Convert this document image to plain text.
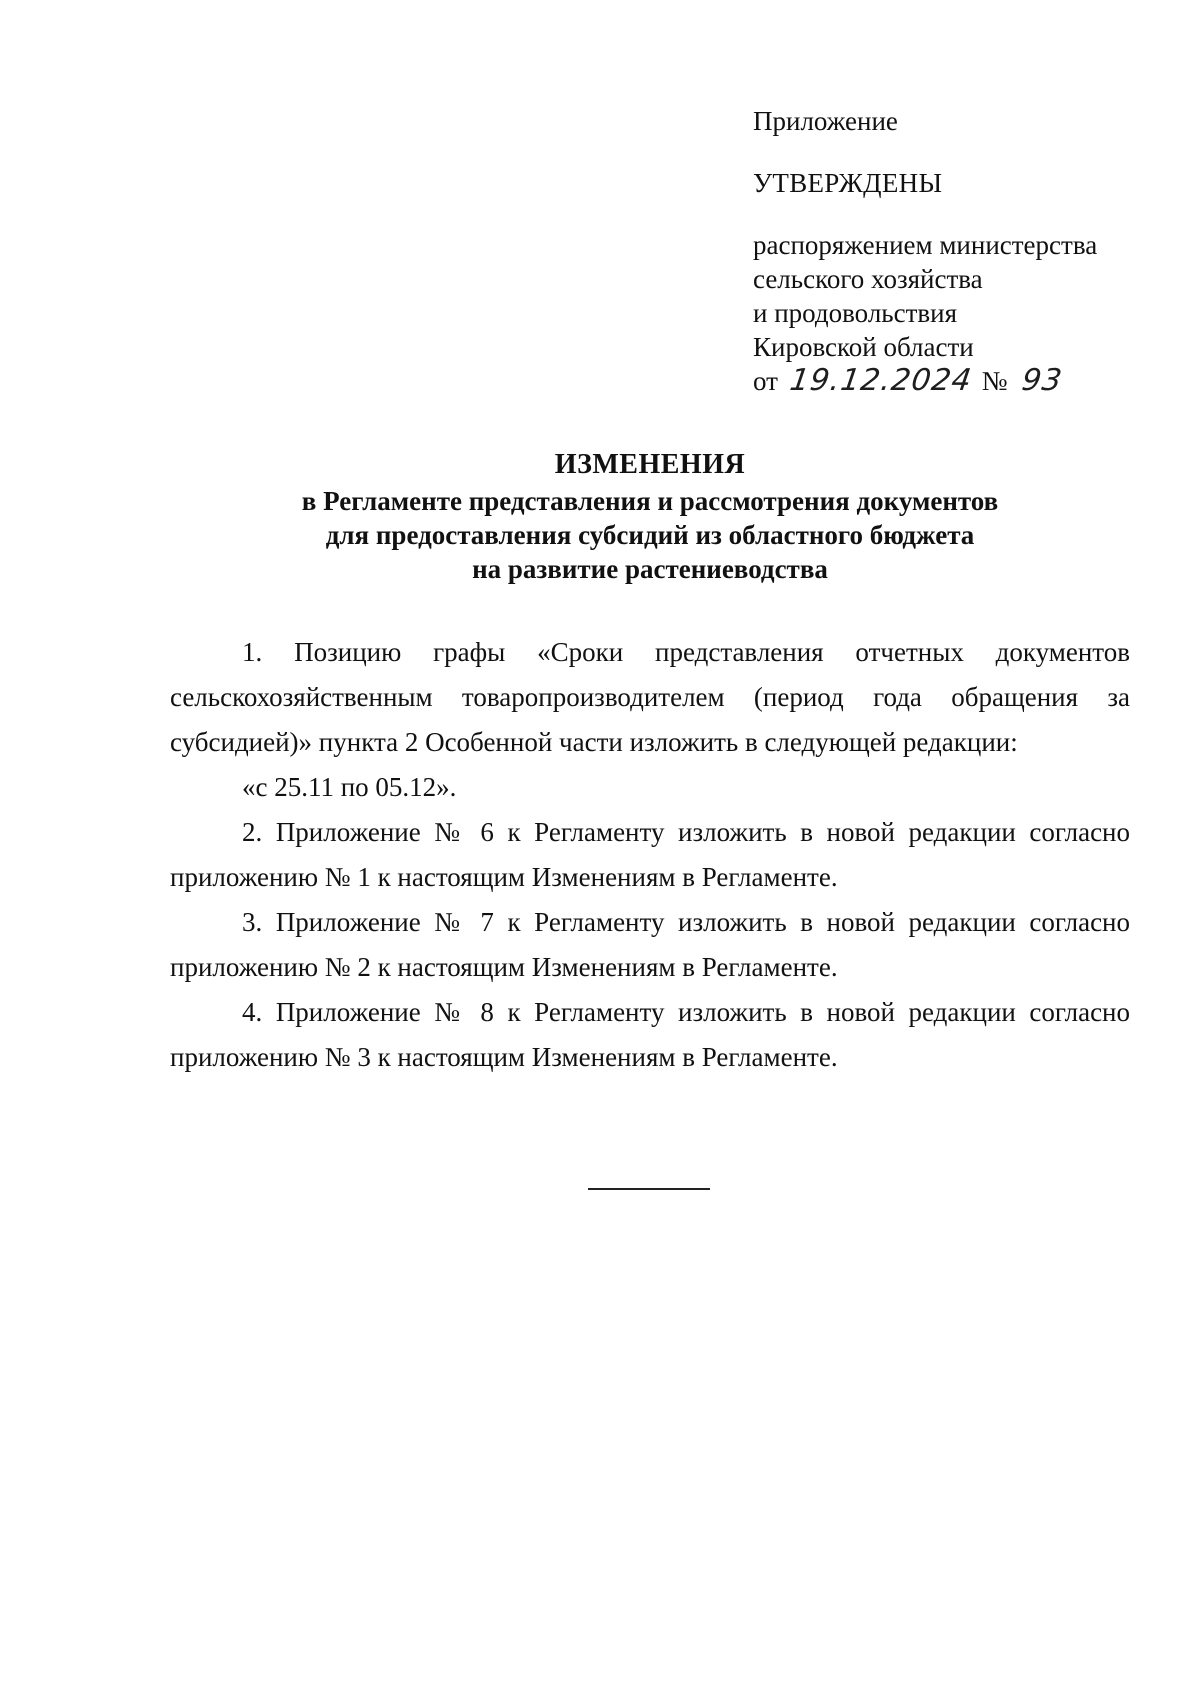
Приложение
УТВЕРЖДЕНЫ
распоряжением министерства
сельского хозяйства
и продовольствия
Кировской области
от 19.12.2024 № 93
ИЗМЕНЕНИЯ
в Регламенте представления и рассмотрения документов
для предоставления субсидий из областного бюджета
на развитие растениеводства

1. Позицию графы «Сроки представления отчетных документов сельскохозяйственным товаропроизводителем (период года обращения за субсидией)» пункта 2 Особенной части изложить в следующей редакции:

«с 25.11 по 05.12».

2. Приложение № 6 к Регламенту изложить в новой редакции согласно приложению № 1 к настоящим Изменениям в Регламенте.

3. Приложение № 7 к Регламенту изложить в новой редакции согласно приложению № 2 к настоящим Изменениям в Регламенте.

4. Приложение № 8 к Регламенту изложить в новой редакции согласно приложению № 3 к настоящим Изменениям в Регламенте.
